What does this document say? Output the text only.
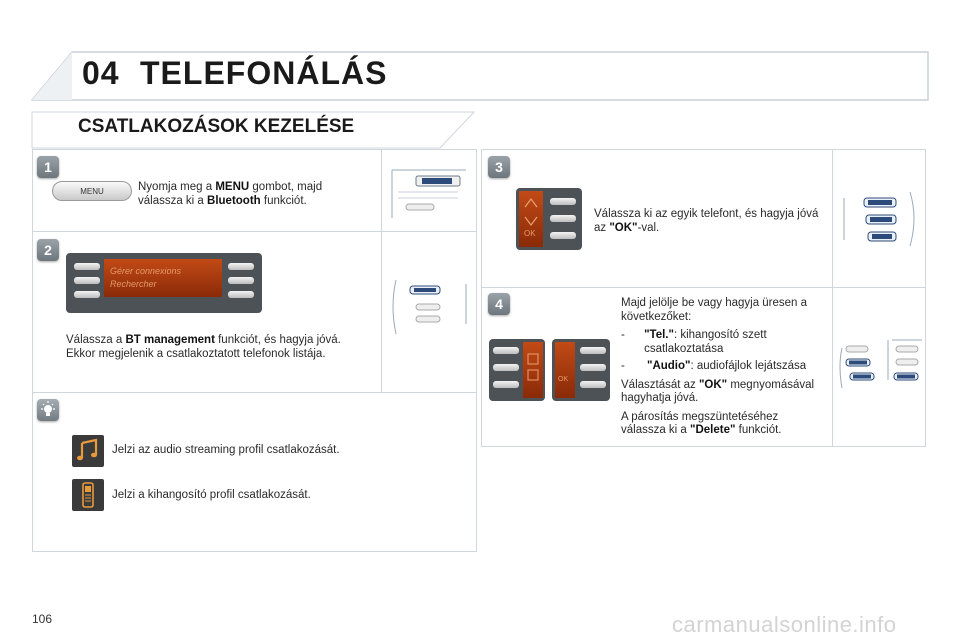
04 TELEFONÁLÁS
CSATLAKOZÁSOK KEZELÉSE
1
MENU	Nyomja meg a MENU gombot, majd válassza ki a Bluetooth funkciót.
2
Gérer connexions
Rechercher
Válassza a BT management funkciót, és hagyja jóvá. Ekkor megjelenik a csatlakoztatott telefonok listája.
Jelzi az audio streaming profil csatlakozását.
Jelzi a kihangosító profil csatlakozását.
3
OK
Válassza ki az egyik telefont, és hagyja jóvá az "OK"-val.
4
OK
Majd jelölje be vagy hagyja üresen a következőket:
-	"Tel.": kihangosító szett csatlakoztatása
-	"Audio": audiofájlok lejátszása
Választását az "OK" megnyomásával hagyhatja jóvá.
A párosítás megszüntetéséhez válassza ki a "Delete" funkciót.
106	carmanualsonline.info
